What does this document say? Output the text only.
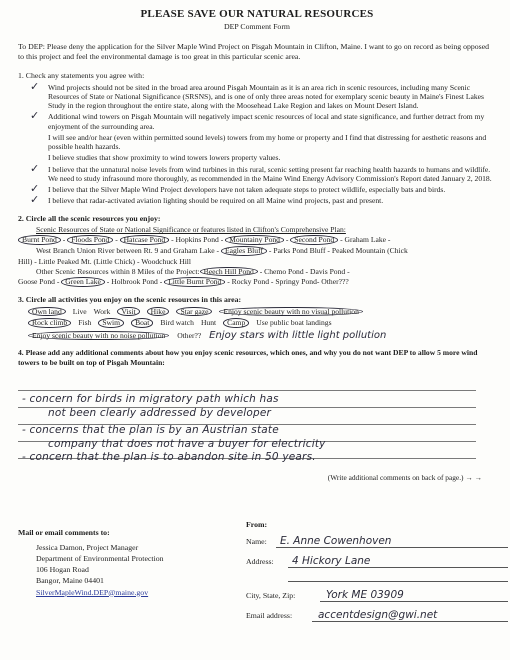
PLEASE SAVE OUR NATURAL RESOURCES
DEP Comment Form
To DEP: Please deny the application for the Silver Maple Wind Project on Pisgah Mountain in Clifton, Maine. I want to go on record as being opposed to this project and feel the environmental damage is too great in this particular scenic area.
1. Check any statements you agree with:
✓ Wind projects should not be sited in the broad area around Pisgah Mountain as it is an area rich in scenic resources, including many Scenic Resources of State or National Significance (SRSNS), and is one of only three areas noted for exemplary scenic beauty in Maine's Finest Lakes Study in the region throughout the entire state, along with the Moosehead Lake Region and lakes on Mount Desert Island.
✓ Additional wind towers on Pisgah Mountain will negatively impact scenic resources of local and state significance, and further detract from my enjoyment of the surrounding area.
I will see and/or hear (even within permitted sound levels) towers from my home or property and I find that distressing for aesthetic reasons and possible health hazards.
I believe studies that show proximity to wind towers lowers property values.
✓ I believe that the unnatural noise levels from wind turbines in this rural, scenic setting present far reaching health hazards to humans and wildlife. We need to study infrasound more thoroughly, as recommended in the Maine Wind Energy Advisory Commission's Report dated January 2, 2018.
✓ I believe that the Silver Maple Wind Project developers have not taken adequate steps to protect wildlife, especially bats and birds.
✓ I believe that radar-activated aviation lighting should be required on all Maine wind projects, past and present.
2. Circle all the scenic resources you enjoy:
Scenic Resources of State or National Significance or features listed in Clifton's Comprehensive Plan:
Burnt Pond - Floods Pond - Hatcase Pond - Hopkins Pond - Mountainy Pond - Second Pond - Graham Lake -
West Branch Union River between Rt. 9 and Graham Lake - Eagles Bluff - Parks Pond Bluff - Peaked Mountain (Chick
Hill) - Little Peaked Mt. (Little Chick) - Woodchuck Hill
Other Scenic Resources within 8 Miles of the Project: Beech Hill Pond - Chemo Pond - Davis Pond -
Goose Pond - Green Lake - Holbrook Pond - Little Burnt Pond - Rocky Pond - Springy Pond- Other???
3. Circle all activities you enjoy on the scenic resources in this area:
Own land Live Work Visit Hike Star gaze Enjoy scenic beauty with no visual pollution
Rock climb Fish Swim Boat Bird watch Hunt Camp Use public boat landings
Enjoy scenic beauty with no noise pollution Other?? Enjoy stars with little light pollution
4. Please add any additional comments about how you enjoy scenic resources, which ones, and why you do not want DEP to allow 5 more wind towers to be built on top of Pisgah Mountain:
- concern for birds in migratory path which has
not been clearly addressed by developer
- concerns that the plan is by an Austrian state
company that does not have a buyer for electricity
- concern that the plan is to abandon site in 50 years.
(Write additional comments on back of page.) → →
Mail or email comments to:
Jessica Damon, Project Manager
Department of Environmental Protection
106 Hogan Road
Bangor, Maine 04401
SilverMapleWind.DEP@maine.gov
From:
Name: E. Anne Cowenhoven
Address: 4 Hickory Lane
City, State, Zip:	York ME 03909
Email address: accentdesign@gwi.net
